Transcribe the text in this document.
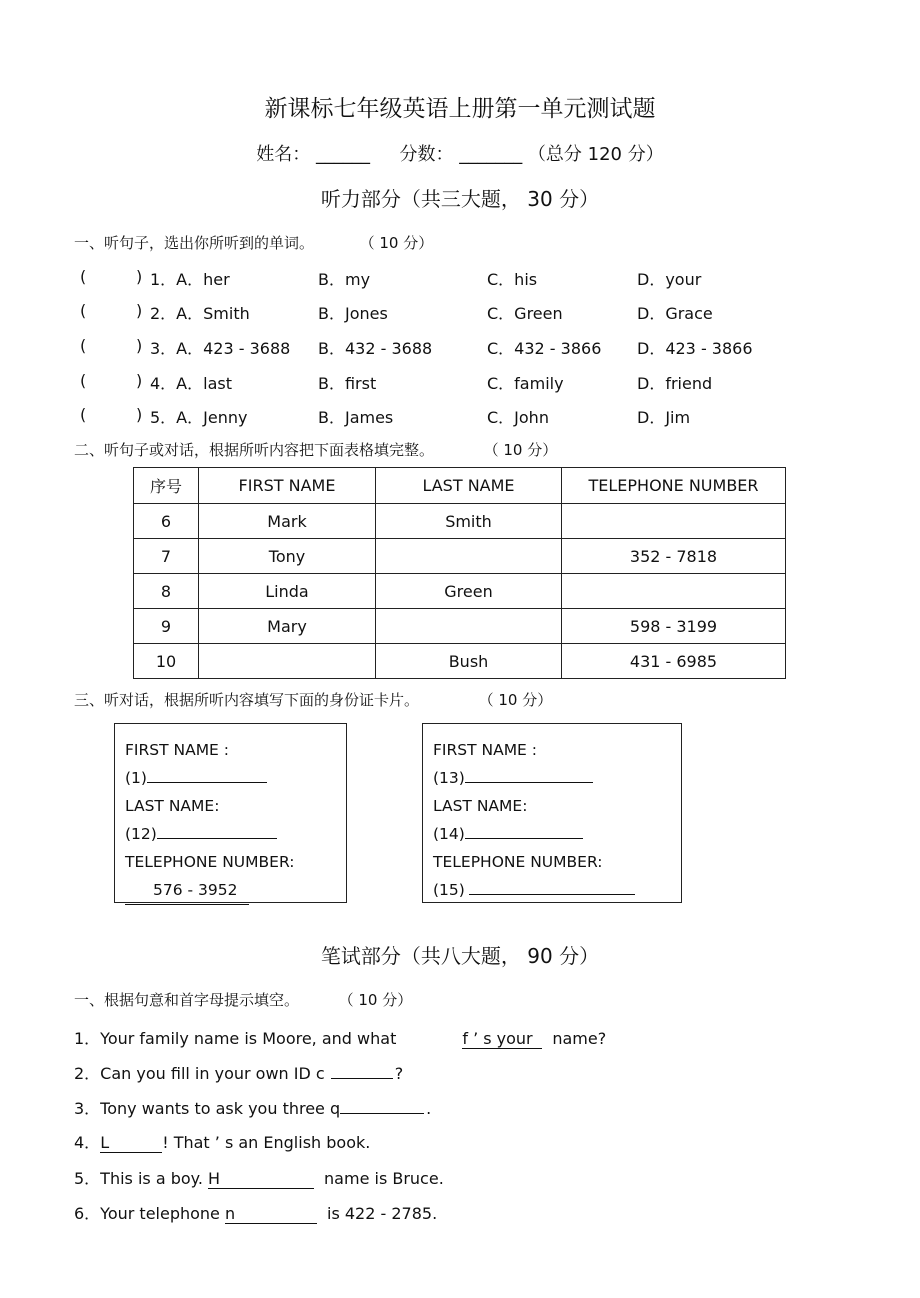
新课标七年级英语上册第一单元测试题
姓名： ______ 分数： _______ （总分 120 分）
听力部分（共三大题， 30 分）
一、听句子，选出你所听到的单词。	（ 10 分）
(	) 1．A．her	B．my	C．his	D．your
(	) 2．A．Smith	B．Jones	C．Green	D．Grace
(	) 3．A．423 - 3688 B．432 - 3688	C．432 - 3866 D．423 - 3866
(	) 4．A．last	B．first	C．family	D．friend
(	) 5．A．Jenny	B．James	C．John	D．Jim
二、听句子或对话，根据所听内容把下面表格填完整。	（ 10 分）
序号	FIRST NAME	LAST NAME	TELEPHONE NUMBER
6	Mark	Smith	
7	Tony		352 - 7818
8	Linda	Green	
9	Mary		598 - 3199
10		Bush	431 - 6985
三、听对话，根据所听内容填写下面的身份证卡片。	（ 10 分）
FIRST NAME :
(1)
LAST NAME:
(12)
TELEPHONE NUMBER:
576 - 3952
FIRST NAME :
(13)
LAST NAME:
(14)
TELEPHONE NUMBER:
(15)
笔试部分（共八大题， 90 分）
一、根据句意和首字母提示填空。	（ 10 分）
1．Your family name is Moore, and what	f ’ s your name?
2．Can you fill in your own ID c	?
3．Tony wants to ask you three q	.
4．L	! That ’ s an English book.
5．This is a boy. H	name is Bruce.
6．Your telephone n	is 422 - 2785.
